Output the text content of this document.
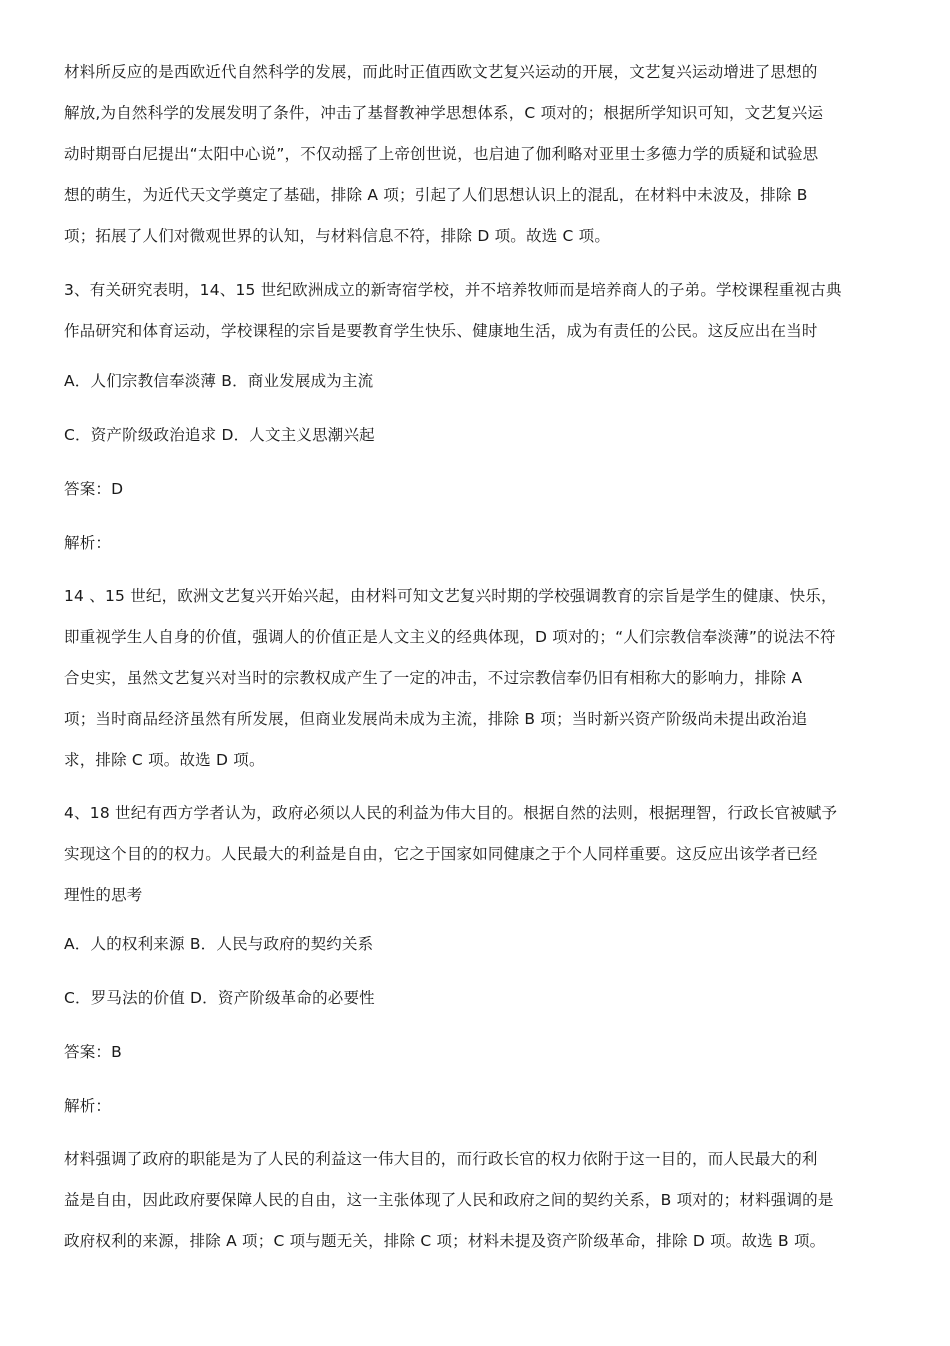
材料所反应的是西欧近代自然科学的发展，而此时正值西欧文艺复兴运动的开展，文艺复兴运动增进了思想的
解放,为自然科学的发展发明了条件，冲击了基督教神学思想体系，C 项对的；根据所学知识可知，文艺复兴运
动时期哥白尼提出“太阳中心说”，不仅动摇了上帝创世说，也启迪了伽利略对亚里士多德力学的质疑和试验思
想的萌生，为近代天文学奠定了基础，排除 A 项；引起了人们思想认识上的混乱，在材料中未波及，排除 B
项；拓展了人们对微观世界的认知，与材料信息不符，排除 D 项。故选 C 项。

3、有关研究表明，14、15 世纪欧洲成立的新寄宿学校，并不培养牧师而是培养商人的子弟。学校课程重视古典
作品研究和体育运动，学校课程的宗旨是要教育学生快乐、健康地生活，成为有责任的公民。这反应出在当时

A．人们宗教信奉淡薄 B．商业发展成为主流

C．资产阶级政治追求 D．人文主义思潮兴起

答案：D

解析：

14 、15 世纪，欧洲文艺复兴开始兴起，由材料可知文艺复兴时期的学校强调教育的宗旨是学生的健康、快乐，
即重视学生人自身的价值，强调人的价值正是人文主义的经典体现，D 项对的；“人们宗教信奉淡薄”的说法不符
合史实，虽然文艺复兴对当时的宗教权成产生了一定的冲击，不过宗教信奉仍旧有相称大的影响力，排除 A
项；当时商品经济虽然有所发展，但商业发展尚未成为主流，排除 B 项；当时新兴资产阶级尚未提出政治追
求，排除 C 项。故选 D 项。

4、18 世纪有西方学者认为，政府必须以人民的利益为伟大目的。根据自然的法则，根据理智，行政长官被赋予
实现这个目的的权力。人民最大的利益是自由，它之于国家如同健康之于个人同样重要。这反应出该学者已经
理性的思考

A．人的权利来源 B．人民与政府的契约关系

C．罗马法的价值 D．资产阶级革命的必要性

答案：B

解析：

材料强调了政府的职能是为了人民的利益这一伟大目的，而行政长官的权力依附于这一目的，而人民最大的利
益是自由，因此政府要保障人民的自由，这一主张体现了人民和政府之间的契约关系，B 项对的；材料强调的是
政府权利的来源，排除 A 项；C 项与题无关，排除 C 项；材料未提及资产阶级革命，排除 D 项。故选 B 项。
